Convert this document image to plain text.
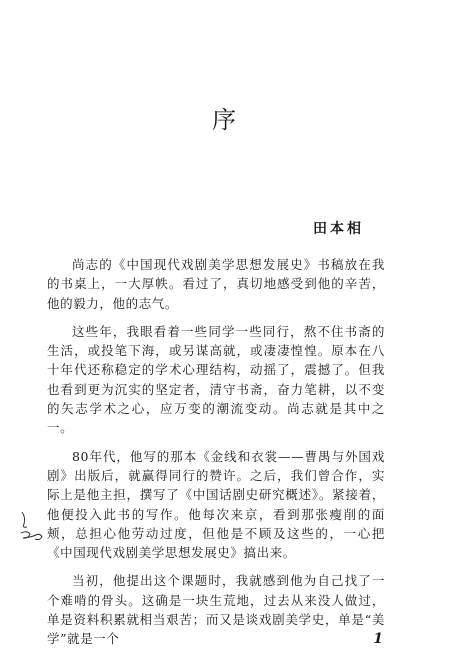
序
田本相

尚志的《中国现代戏剧美学思想发展史》书稿放在我的书桌上，一大厚帙。看过了，真切地感受到他的辛苦，他的毅力，他的志气。

这些年，我眼看着一些同学一些同行，熬不住书斋的生活，或投笔下海，或另谋高就，或凄凄惶惶。原本在八十年代还称稳定的学术心理结构，动摇了，震撼了。但我也看到更为沉实的坚定者，清守书斋，奋力笔耕，以不变的矢志学术之心，应万变的潮流变动。尚志就是其中之一。

80年代，他写的那本《金线和衣裳——曹禺与外国戏剧》出版后，就赢得同行的赞许。之后，我们曾合作，实际上是他主担，撰写了《中国话剧史研究概述》。紧接着，他便投入此书的写作。他每次来京，看到那张瘦削的面颊，总担心他劳动过度，但他是不顾及这些的，一心把《中国现代戏剧美学思想发展史》搞出来。

当初，他提出这个课题时，我就感到他为自己找了一个难啃的骨头。这确是一块生荒地，过去从来没人做过，单是资料积累就相当艰苦；而又是谈戏剧美学史，单是“美学”就是一个	1
